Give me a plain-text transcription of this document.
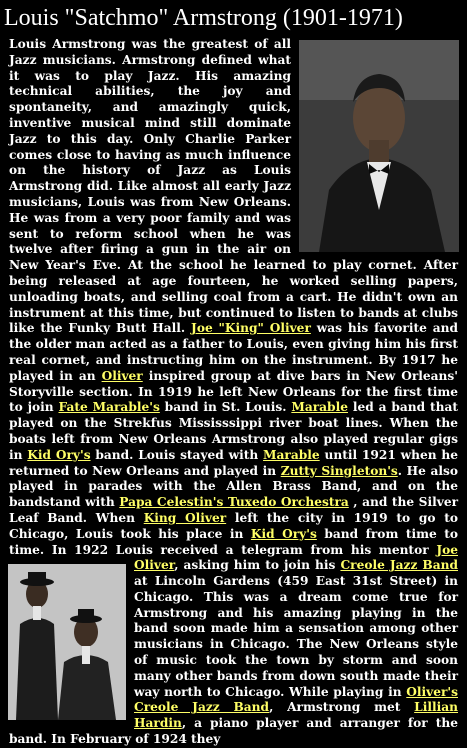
Louis "Satchmo" Armstrong (1901-1971)
Louis Armstrong was the greatest of all Jazz musicians. Armstrong defined what it was to play Jazz. His amazing technical abilities, the joy and spontaneity, and amazingly quick, inventive musical mind still dominate Jazz to this day. Only Charlie Parker comes close to having as much influence on the history of Jazz as Louis Armstrong did. Like almost all early Jazz musicians, Louis was from New Orleans. He was from a very poor family and was sent to reform school when he was twelve after firing a gun in the air on New Year's Eve. At the school he learned to play cornet. After being released at age fourteen, he worked selling papers, unloading boats, and selling coal from a cart. He didn't own an instrument at this time, but continued to listen to bands at clubs like the Funky Butt Hall. Joe "King" Oliver was his favorite and the older man acted as a father to Louis, even giving him his first real cornet, and instructing him on the instrument. By 1917 he played in an Oliver inspired group at dive bars in New Orleans' Storyville section. In 1919 he left New Orleans for the first time to join Fate Marable's band in St. Louis. Marable led a band that played on the Strekfus Mississsippi river boat lines. When the boats left from New Orleans Armstrong also played regular gigs in Kid Ory's band. Louis stayed with Marable until 1921 when he returned to New Orleans and played in Zutty Singleton's. He also played in parades with the Allen Brass Band, and on the bandstand with Papa Celestin's Tuxedo Orchestra , and the Silver Leaf Band. When King Oliver left the city in 1919 to go to Chicago, Louis took his place in Kid Ory's band from time to time. In 1922 Louis received a telegram from his mentor
Joe Oliver, asking him to join his Creole Jazz Band at Lincoln Gardens (459 East 31st Street) in Chicago. This was a dream come true for Armstrong and his amazing playing in the band soon made him a sensation among other musicians in Chicago. The New Orleans style of music took the town by storm and soon many other bands from down south made their way north to Chicago. While playing in Oliver's Creole Jazz Band, Armstrong met Lillian Hardin, a piano player and arranger for the band. In February of 1924 they
